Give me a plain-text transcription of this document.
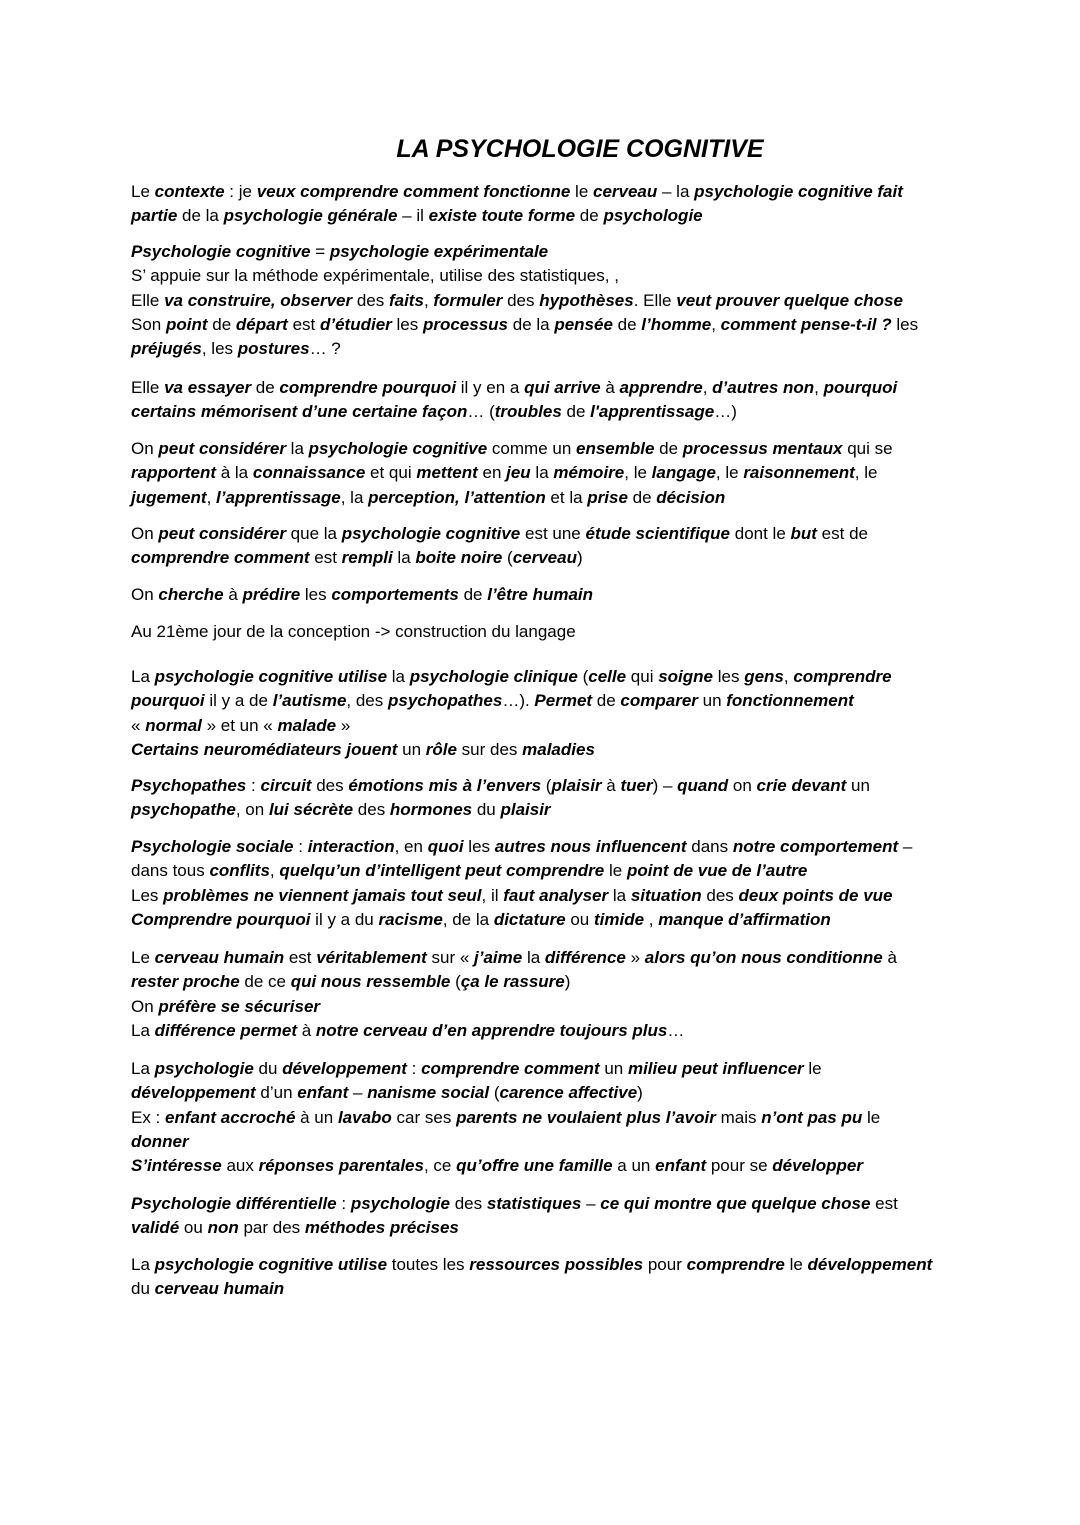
LA PSYCHOLOGIE COGNITIVE
Le contexte : je veux comprendre comment fonctionne le cerveau – la psychologie cognitive fait
partie de la psychologie générale – il existe toute forme de psychologie
Psychologie cognitive = psychologie expérimentale
S’ appuie sur la méthode expérimentale, utilise des statistiques, ,
Elle va construire, observer des faits, formuler des hypothèses. Elle veut prouver quelque chose
Son point de départ est d’étudier les processus de la pensée de l’homme, comment pense-t-il ? les
préjugés, les postures… ?
Elle va essayer de comprendre pourquoi il y en a qui arrive à apprendre, d’autres non, pourquoi
certains mémorisent d’une certaine façon… (troubles de l'apprentissage…)
On peut considérer la psychologie cognitive comme un ensemble de processus mentaux qui se
rapportent à la connaissance et qui mettent en jeu la mémoire, le langage, le raisonnement, le
jugement, l’apprentissage, la perception, l’attention et la prise de décision
On peut considérer que la psychologie cognitive est une étude scientifique dont le but est de
comprendre comment est rempli la boite noire (cerveau)
On cherche à prédire les comportements de l’être humain
Au 21ème jour de la conception -> construction du langage
La psychologie cognitive utilise la psychologie clinique (celle qui soigne les gens, comprendre
pourquoi il y a de l’autisme, des psychopathes…). Permet de comparer un fonctionnement
« normal » et un « malade »
Certains neuromédiateurs jouent un rôle sur des maladies
Psychopathes : circuit des émotions mis à l’envers (plaisir à tuer) – quand on crie devant un
psychopathe, on lui sécrète des hormones du plaisir
Psychologie sociale : interaction, en quoi les autres nous influencent dans notre comportement –
dans tous conflits, quelqu’un d’intelligent peut comprendre le point de vue de l’autre
Les problèmes ne viennent jamais tout seul, il faut analyser la situation des deux points de vue
Comprendre pourquoi il y a du racisme, de la dictature ou timide , manque d’affirmation
Le cerveau humain est véritablement sur « j’aime la différence » alors qu’on nous conditionne à
rester proche de ce qui nous ressemble (ça le rassure)
On préfère se sécuriser
La différence permet à notre cerveau d’en apprendre toujours plus…
La psychologie du développement : comprendre comment un milieu peut influencer le
développement d’un enfant – nanisme social (carence affective)
Ex : enfant accroché à un lavabo car ses parents ne voulaient plus l’avoir mais n’ont pas pu le
donner
S’intéresse aux réponses parentales, ce qu’offre une famille a un enfant pour se développer
Psychologie différentielle : psychologie des statistiques – ce qui montre que quelque chose est
validé ou non par des méthodes précises
La psychologie cognitive utilise toutes les ressources possibles pour comprendre le développement
du cerveau humain
